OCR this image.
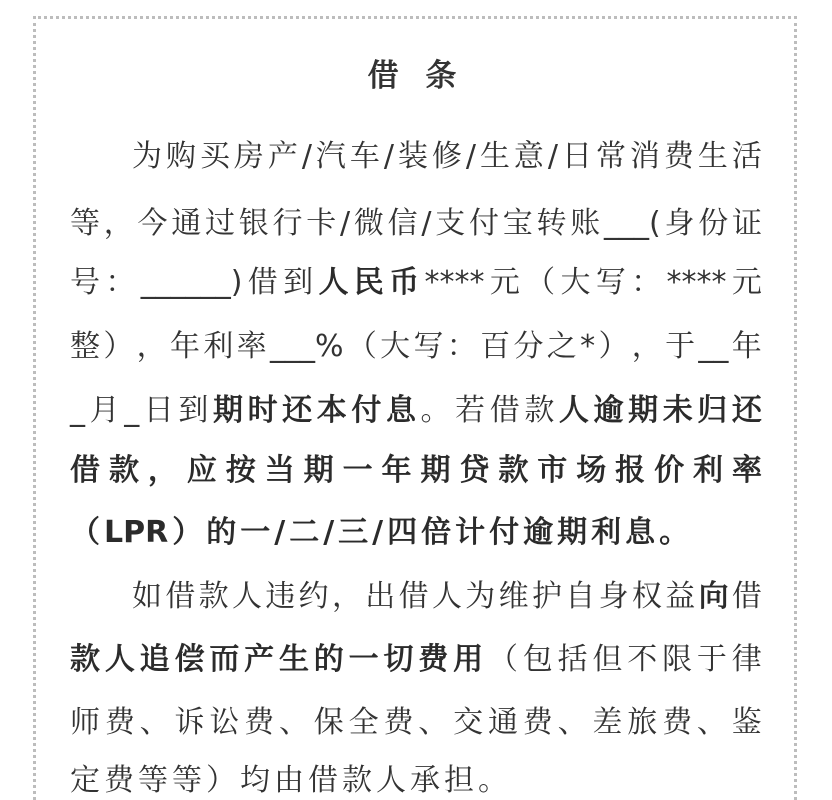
借 条
为 购 买 房 产 / 汽 车 / 装 修 / 生 意 / 日 常 消 费 生 活
等 ， 今 通 过 银 行 卡 / 微 信 / 支 付 宝 转 账 ___( 身 份 证
号 ： ______) 借 到 人 民 币 **** 元 （ 大 写 ： **** 元
整 ） ， 年 利 率 ___% （ 大 写 ： 百 分 之 * ） ， 于 __ 年
_ 月 _ 日 到 期 时 还 本 付 息 。 若 借 款 人 逾 期 未 归 还
借 款 ， 应 按 当 期 一 年 期 贷 款 市 场 报 价 利 率
（ LPR ） 的 一 / 二 / 三 / 四 倍 计 付 逾 期 利 息 。
如 借 款 人 违 约 ， 出 借 人 为 维 护 自 身 权 益 向 借
款 人 追 偿 而 产 生 的 一 切 费 用 （ 包 括 但 不 限 于 律
师 费 、 诉 讼 费 、 保 全 费 、 交 通 费 、 差 旅 费 、 鉴
定 费 等 等 ） 均 由 借 款 人 承 担 。
